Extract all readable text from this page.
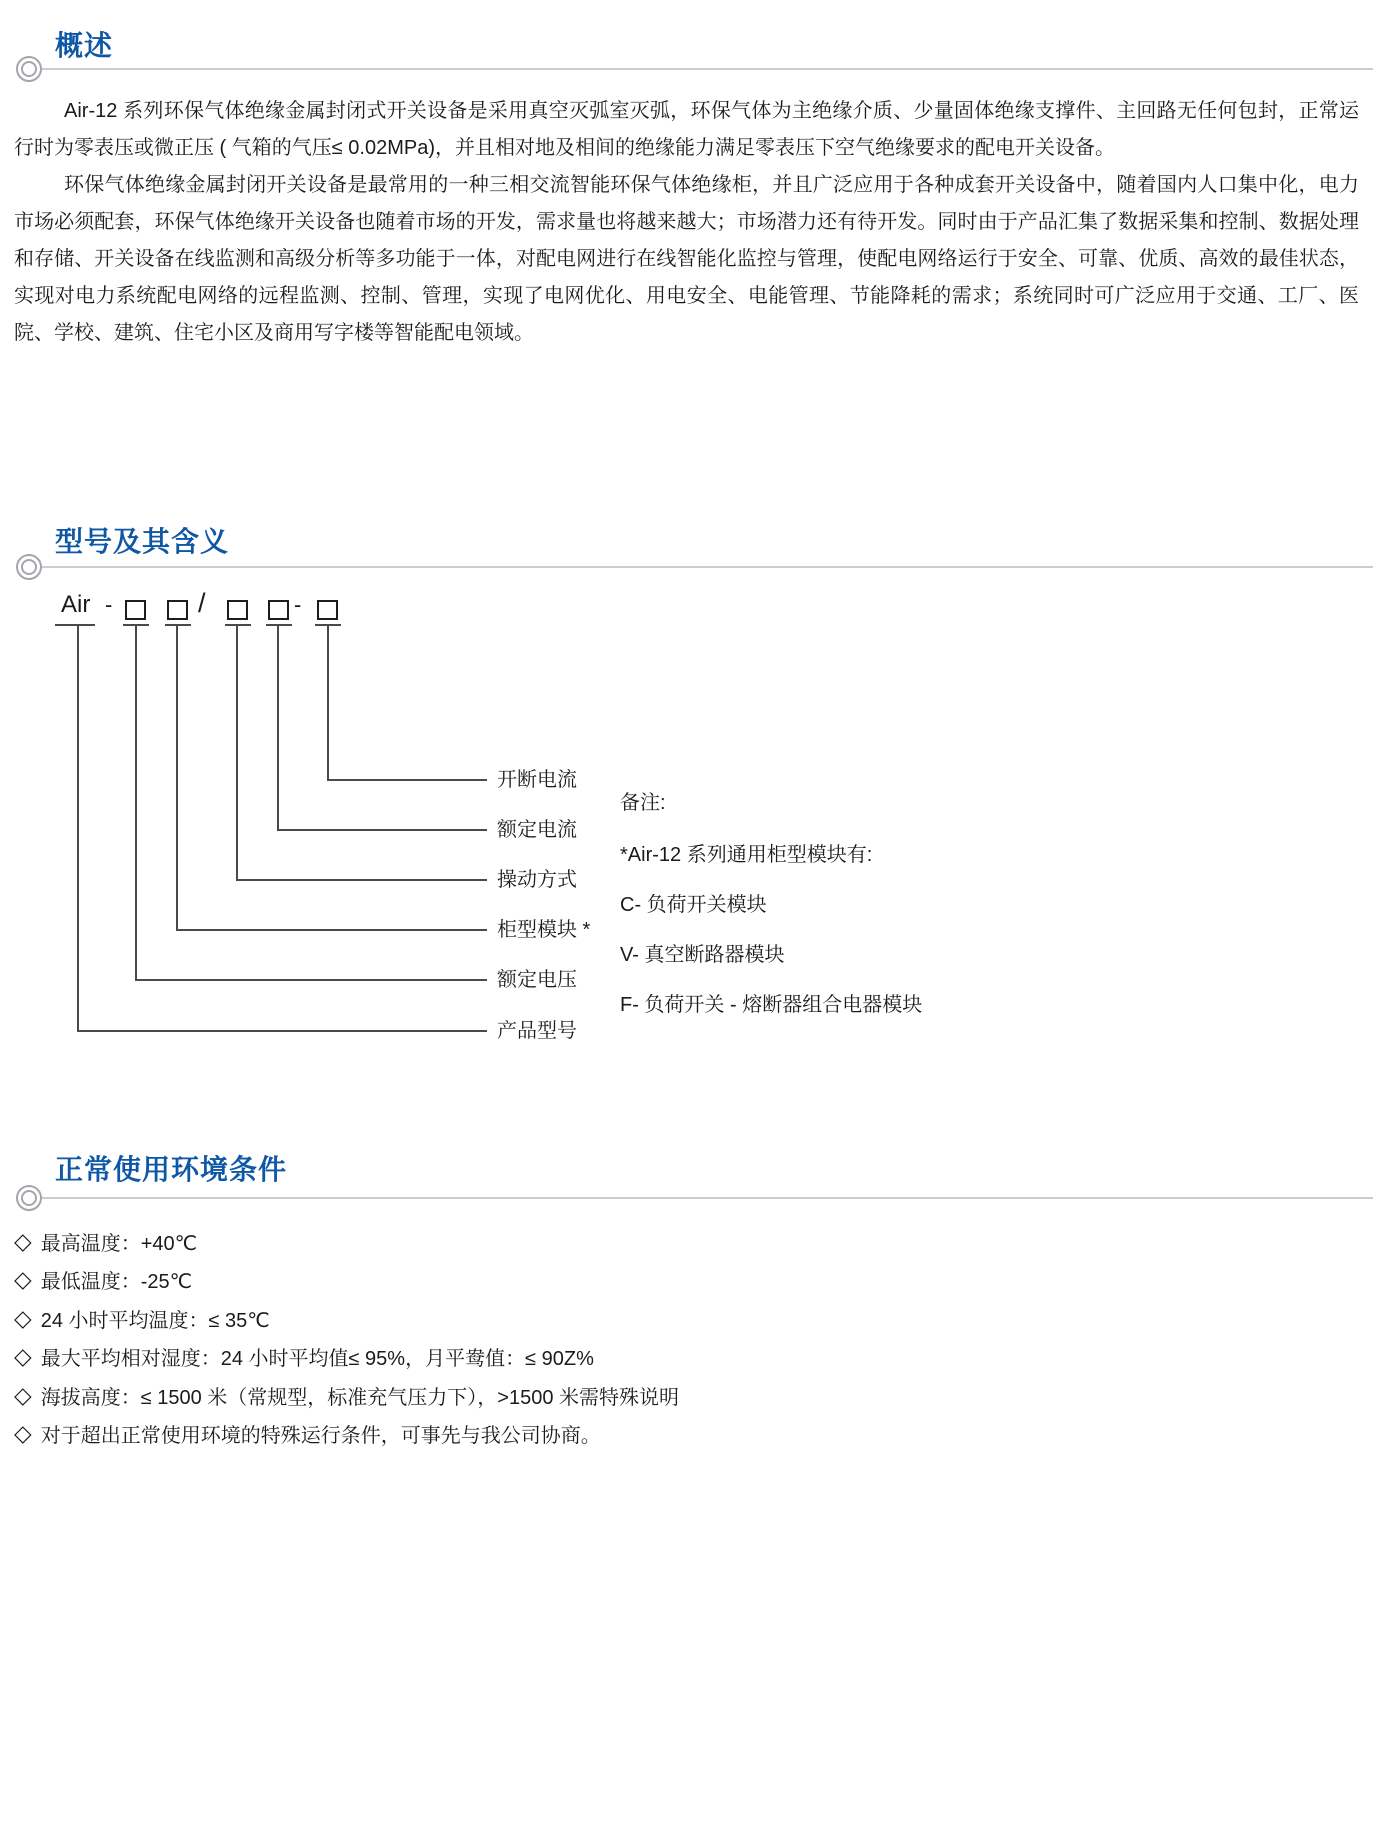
概述

Air-12 系列环保气体绝缘金属封闭式开关设备是采用真空灭弧室灭弧，环保气体为主绝缘介质、少量固体绝缘支撑件、主回路无任何包封，正常运行时为零表压或微正压 ( 气箱的气压≤ 0.02MPa)，并且相对地及相间的绝缘能力满足零表压下空气绝缘要求的配电开关设备。

环保气体绝缘金属封闭开关设备是最常用的一种三相交流智能环保气体绝缘柜，并且广泛应用于各种成套开关设备中，随着国内人口集中化，电力市场必须配套，环保气体绝缘开关设备也随着市场的开发，需求量也将越来越大；市场潜力还有待开发。同时由于产品汇集了数据采集和控制、数据处理和存储、开关设备在线监测和高级分析等多功能于一体，对配电网进行在线智能化监控与管理，使配电网络运行于安全、可靠、优质、高效的最佳状态，实现对电力系统配电网络的远程监测、控制、管理，实现了电网优化、用电安全、电能管理、节能降耗的需求；系统同时可广泛应用于交通、工厂、医院、学校、建筑、住宅小区及商用写字楼等智能配电领域。

型号及其含义
Air -	/	-
开断电流
额定电流
操动方式
柜型模块 *
额定电压
产品型号
备注:
*Air-12 系列通用柜型模块有:
C- 负荷开关模块
V- 真空断路器模块
F- 负荷开关 - 熔断器组合电器模块
正常使用环境条件
◇ 最高温度：+40℃
◇ 最低温度：-25℃
◇ 24 小时平均温度：≤ 35℃
◇ 最大平均相对湿度：24 小时平均值≤ 95%，月平鸯值：≤ 90Z%
◇ 海拔高度：≤ 1500 米（常规型，标准充气压力下），>1500 米需特殊说明
◇ 对于超出正常使用环境的特殊运行条件，可事先与我公司协商。
